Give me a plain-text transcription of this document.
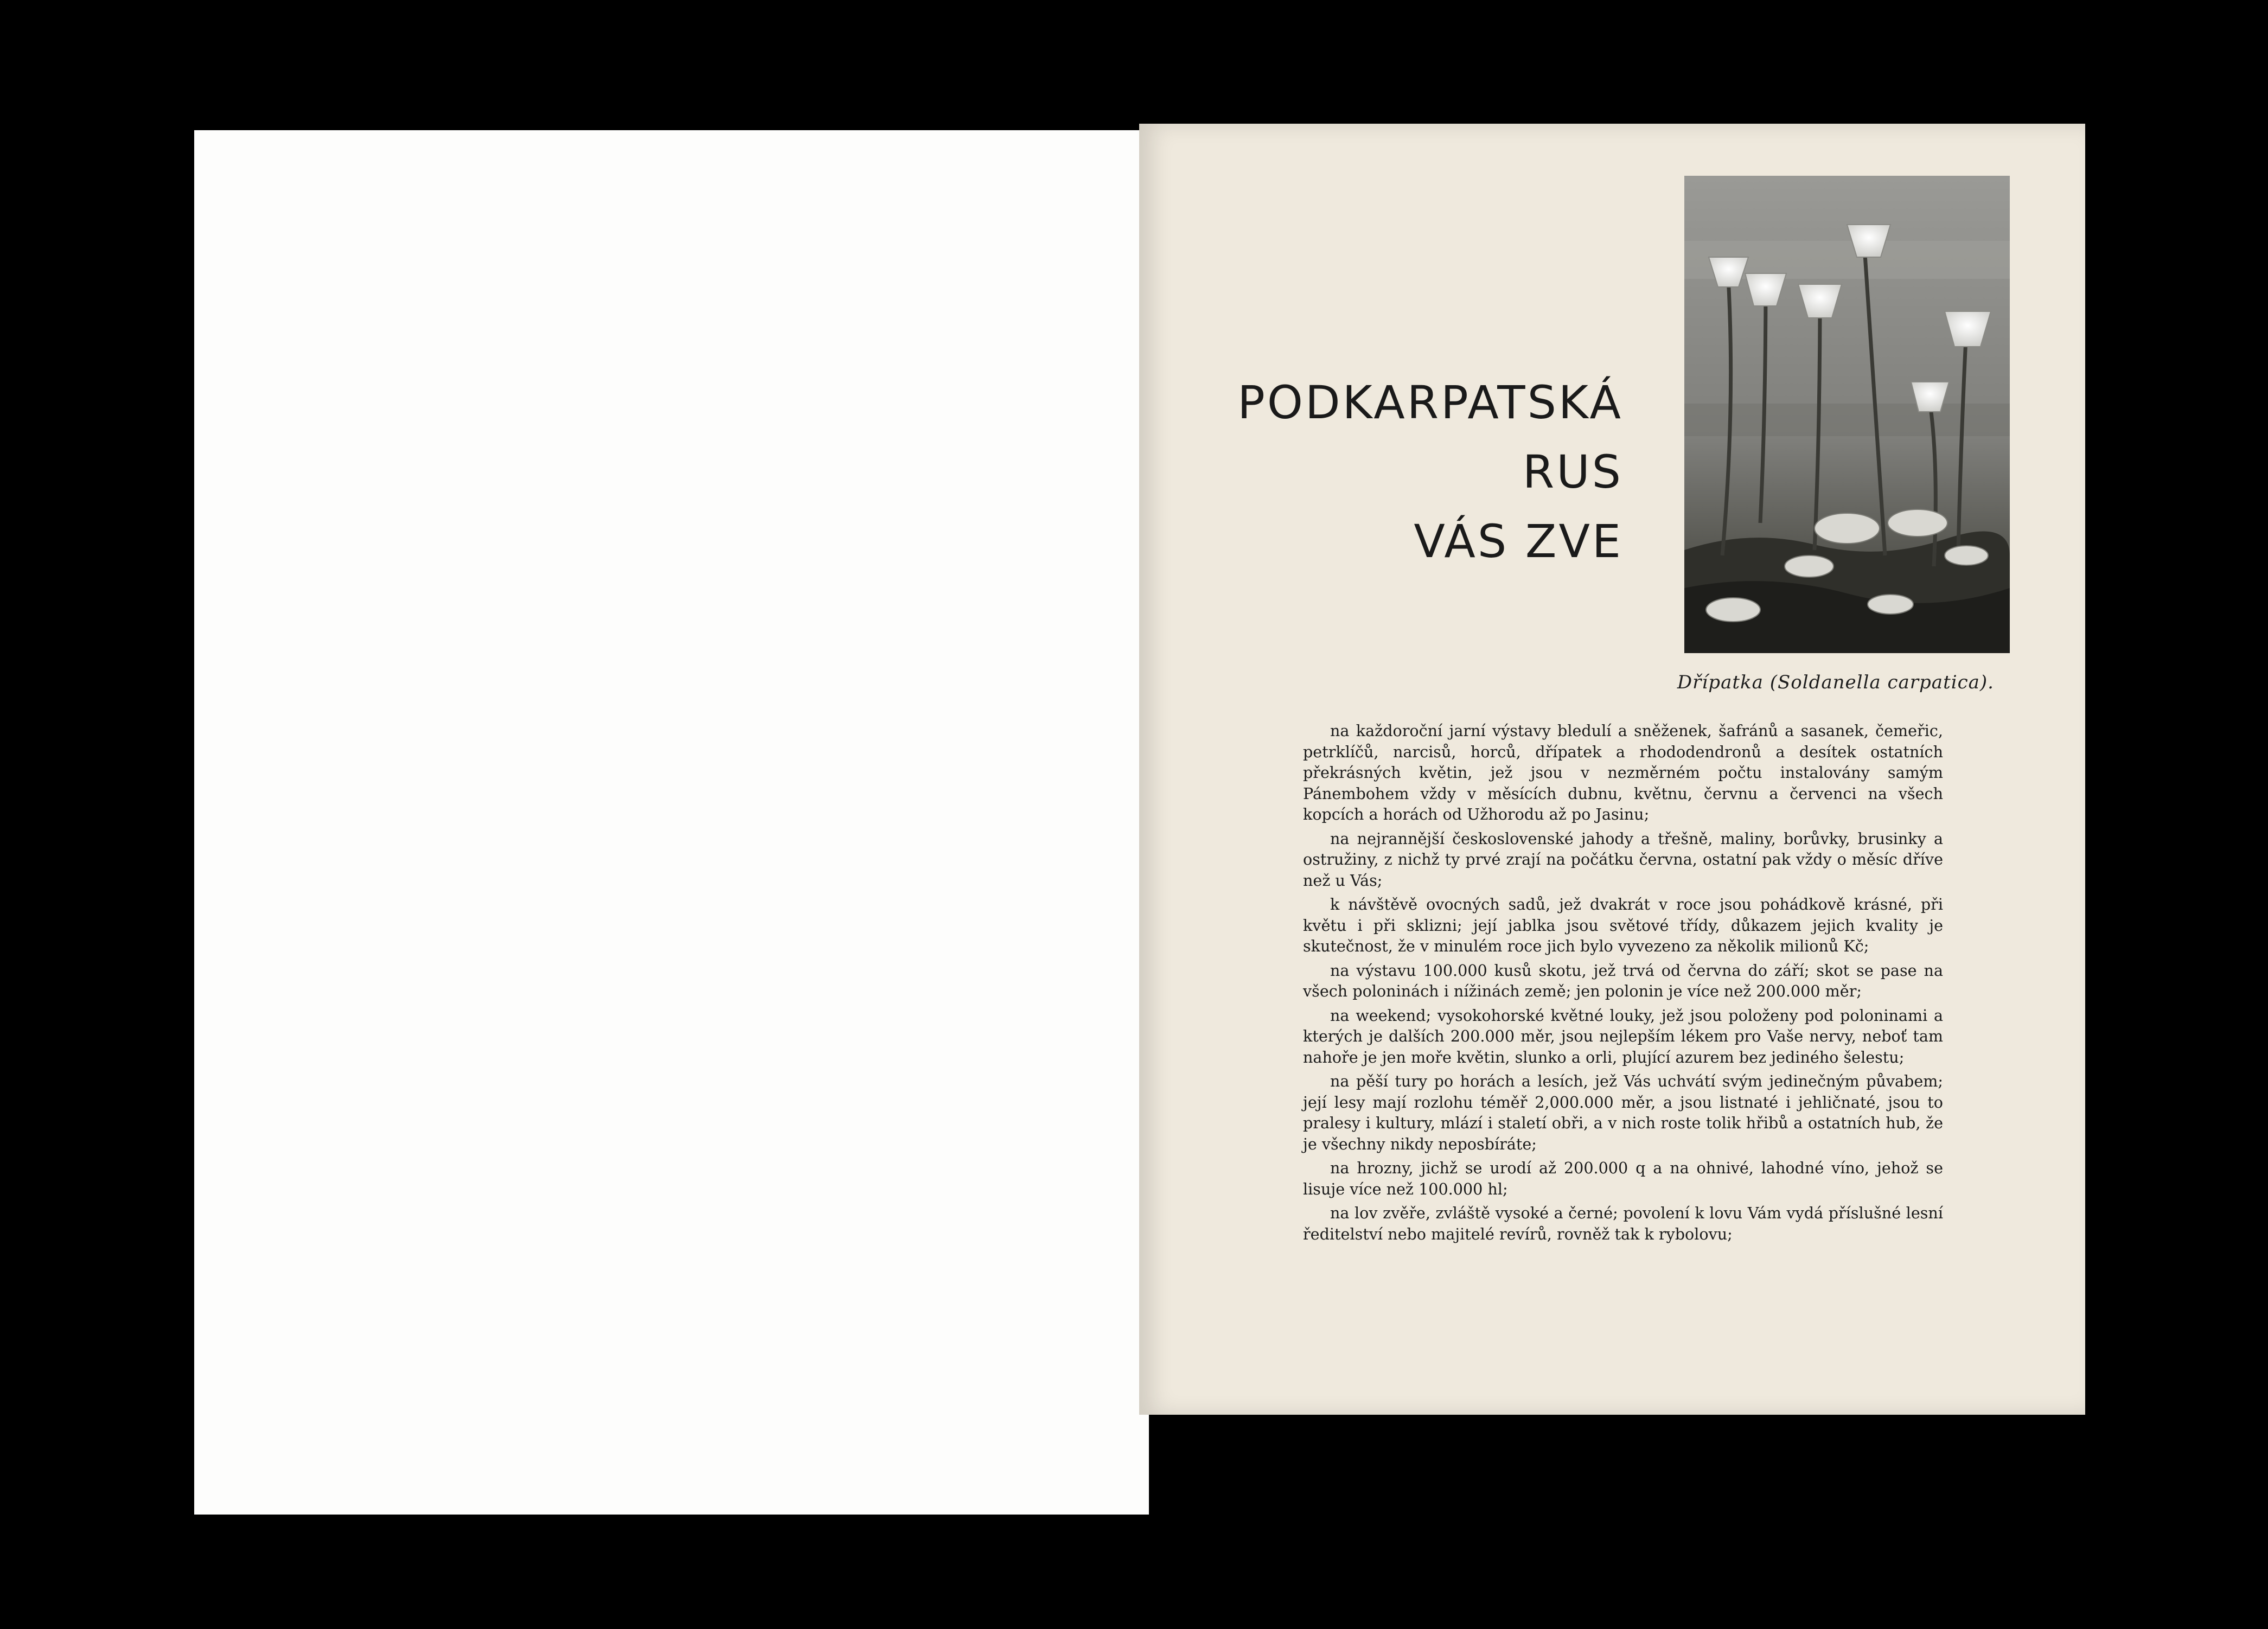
PODKARPATSKÁ
RUS
VÁS ZVE
Dřípatka (Soldanella carpatica).

na každoroční jarní výstavy bledulí a sněženek, šafránů a sasanek, čemeřic, petrklíčů, narcisů, horců, dřípatek a rhododendronů a desítek ostatních překrásných květin, jež jsou v nezměrném počtu instalovány samým Pánembohem vždy v měsících dubnu, květnu, červnu a červenci na všech kopcích a horách od Užhorodu až po Jasinu;

na nejrannější československé jahody a třešně, maliny, borůvky, brusinky a ostružiny, z nichž ty prvé zrají na počátku června, ostatní pak vždy o měsíc dříve než u Vás;

k návštěvě ovocných sadů, jež dvakrát v roce jsou pohádkově krásné, při květu i při sklizni; její jablka jsou světové třídy, důkazem jejich kvality je skutečnost, že v minulém roce jich bylo vyvezeno za několik milionů Kč;

na výstavu 100.000 kusů skotu, jež trvá od června do září; skot se pase na všech poloninách i nížinách země; jen polonin je více než 200.000 měr;

na weekend; vysokohorské květné louky, jež jsou položeny pod poloninami a kterých je dalších 200.000 měr, jsou nejlepším lékem pro Vaše nervy, neboť tam nahoře je jen moře květin, slunko a orli, plující azurem bez jediného šelestu;

na pěší tury po horách a lesích, jež Vás uchvátí svým jedinečným půvabem; její lesy mají rozlohu téměř 2,000.000 měr, a jsou listnaté i jehličnaté, jsou to pralesy i kultury, mlází i staletí obři, a v nich roste tolik hřibů a ostatních hub, že je všechny nikdy neposbíráte;

na hrozny, jichž se urodí až 200.000 q a na ohnivé, lahodné víno, jehož se lisuje více než 100.000 hl;

na lov zvěře, zvláště vysoké a černé; povolení k lovu Vám vydá příslušné lesní ředitelství nebo majitelé revírů, rovněž tak k rybolovu;
